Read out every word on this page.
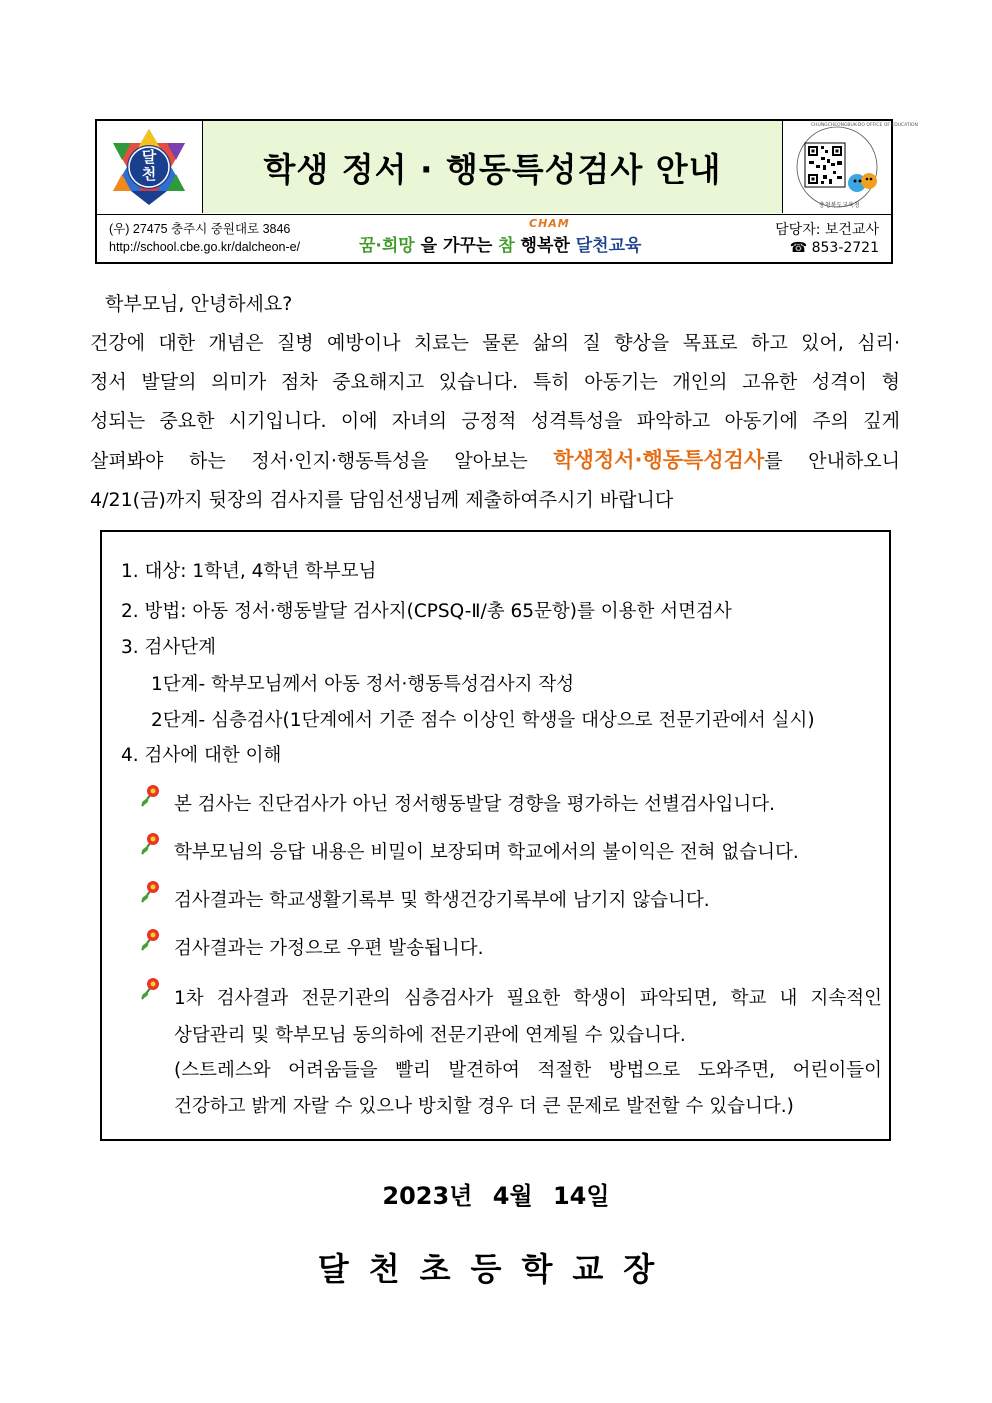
달천	학생 정서 · 행동특성검사 안내
충청북도교육청
CHUNGCHEONGBUK-DO OFFICE OF EDUCATION
(우) 27475 충주시 중원대로 3846
http://school.cbe.go.kr/dalcheon-e/	꿈·희망 을 가꾸는 참
CHAM
행복한 달천교육
담당자: 보건교사
☎ 853-2721
학부모님, 안녕하세요?
건강에 대한 개념은 질병 예방이나 치료는 물론 삶의 질 향상을 목표로 하고 있어, 심리·
정서 발달의 의미가 점차 중요해지고 있습니다. 특히 아동기는 개인의 고유한 성격이 형
성되는 중요한 시기입니다. 이에 자녀의 긍정적 성격특성을 파악하고 아동기에 주의 깊게
살펴봐야 하는 정서·인지·행동특성을 알아보는 학생정서·행동특성검사를 안내하오니
4/21(금)까지 뒷장의 검사지를 담임선생님께 제출하여주시기 바랍니다
1. 대상: 1학년, 4학년 학부모님
2. 방법: 아동 정서·행동발달 검사지(CPSQ-Ⅱ/총 65문항)를 이용한 서면검사
3. 검사단계
1단계- 학부모님께서 아동 정서·행동특성검사지 작성
2단계- 심층검사(1단계에서 기준 점수 이상인 학생을 대상으로 전문기관에서 실시)
4. 검사에 대한 이해
본 검사는 진단검사가 아닌 정서행동발달 경향을 평가하는 선별검사입니다.
학부모님의 응답 내용은 비밀이 보장되며 학교에서의 불이익은 전혀 없습니다.
검사결과는 학교생활기록부 및 학생건강기록부에 남기지 않습니다.
검사결과는 가정으로 우편 발송됩니다.
1차 검사결과 전문기관의 심층검사가 필요한 학생이 파악되면, 학교 내 지속적인
상담관리 및 학부모님 동의하에 전문기관에 연계될 수 있습니다.
(스트레스와 어려움들을 빨리 발견하여 적절한 방법으로 도와주면, 어린이들이
건강하고 밝게 자랄 수 있으나 방치할 경우 더 큰 문제로 발전할 수 있습니다.)
2023년 4월 14일
달천초등학교장
